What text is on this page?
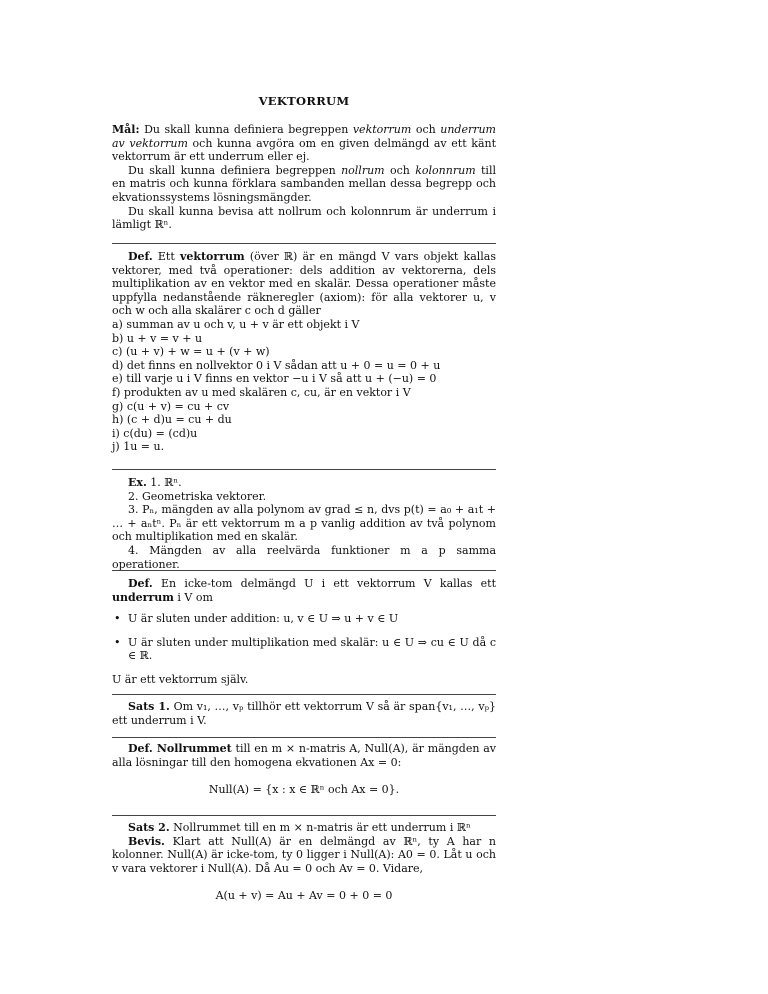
VEKTORRUM
Mål: Du skall kunna definiera begreppen vektorrum och underrum av vektorrum och kunna avgöra om en given delmängd av ett känt vektorrum är ett underrum eller ej.
Du skall kunna definiera begreppen nollrum och kolonnrum till en matris och kunna förklara sambanden mellan dessa begrepp och ekvationssystems lösningsmängder.
Du skall kunna bevisa att nollrum och kolonnrum är underrum i lämligt ℝⁿ.
Def. Ett vektorrum (över ℝ) är en mängd V vars objekt kallas vektorer, med två operationer: dels addition av vektorerna, dels multiplikation av en vektor med en skalär. Dessa operationer måste uppfylla nedanstående räkneregler (axiom): för alla vektorer u, v och w och alla skalärer c och d gäller
a) summan av u och v, u + v är ett objekt i V
b) u + v = v + u
c) (u + v) + w = u + (v + w)
d) det finns en nollvektor 0 i V sådan att u + 0 = u = 0 + u
e) till varje u i V finns en vektor −u i V så att u + (−u) = 0
f) produkten av u med skalären c, cu, är en vektor i V
g) c(u + v) = cu + cv
h) (c + d)u = cu + du
i) c(du) = (cd)u
j) 1u = u.
Ex. 1. ℝⁿ.
2. Geometriska vektorer.
3. Pₙ, mängden av alla polynom av grad ≤ n, dvs p(t) = a₀ + a₁t + … + aₙtⁿ. Pₙ är ett vektorrum m a p vanlig addition av två polynom och multiplikation med en skalär.
4. Mängden av alla reelvärda funktioner m a p samma operationer.
Def. En icke-tom delmängd U i ett vektorrum V kallas ett underrum i V om
• U är sluten under addition: u, v ∈ U ⇒ u + v ∈ U
• U är sluten under multiplikation med skalär: u ∈ U ⇒ cu ∈ U då c ∈ ℝ.
U är ett vektorrum själv.
Sats 1. Om v₁, …, vₚ tillhör ett vektorrum V så är span{v₁, …, vₚ} ett underrum i V.
Def. Nollrummet till en m × n-matris A, Null(A), är mängden av alla lösningar till den homogena ekvationen Ax = 0:
Null(A) = {x : x ∈ ℝⁿ och Ax = 0}.
Sats 2. Nollrummet till en m × n-matris är ett underrum i ℝⁿ
Bevis. Klart att Null(A) är en delmängd av ℝⁿ, ty A har n kolonner. Null(A) är icke-tom, ty 0 ligger i Null(A): A0 = 0. Låt u och v vara vektorer i Null(A). Då Au = 0 och Av = 0. Vidare,
A(u + v) = Au + Av = 0 + 0 = 0
